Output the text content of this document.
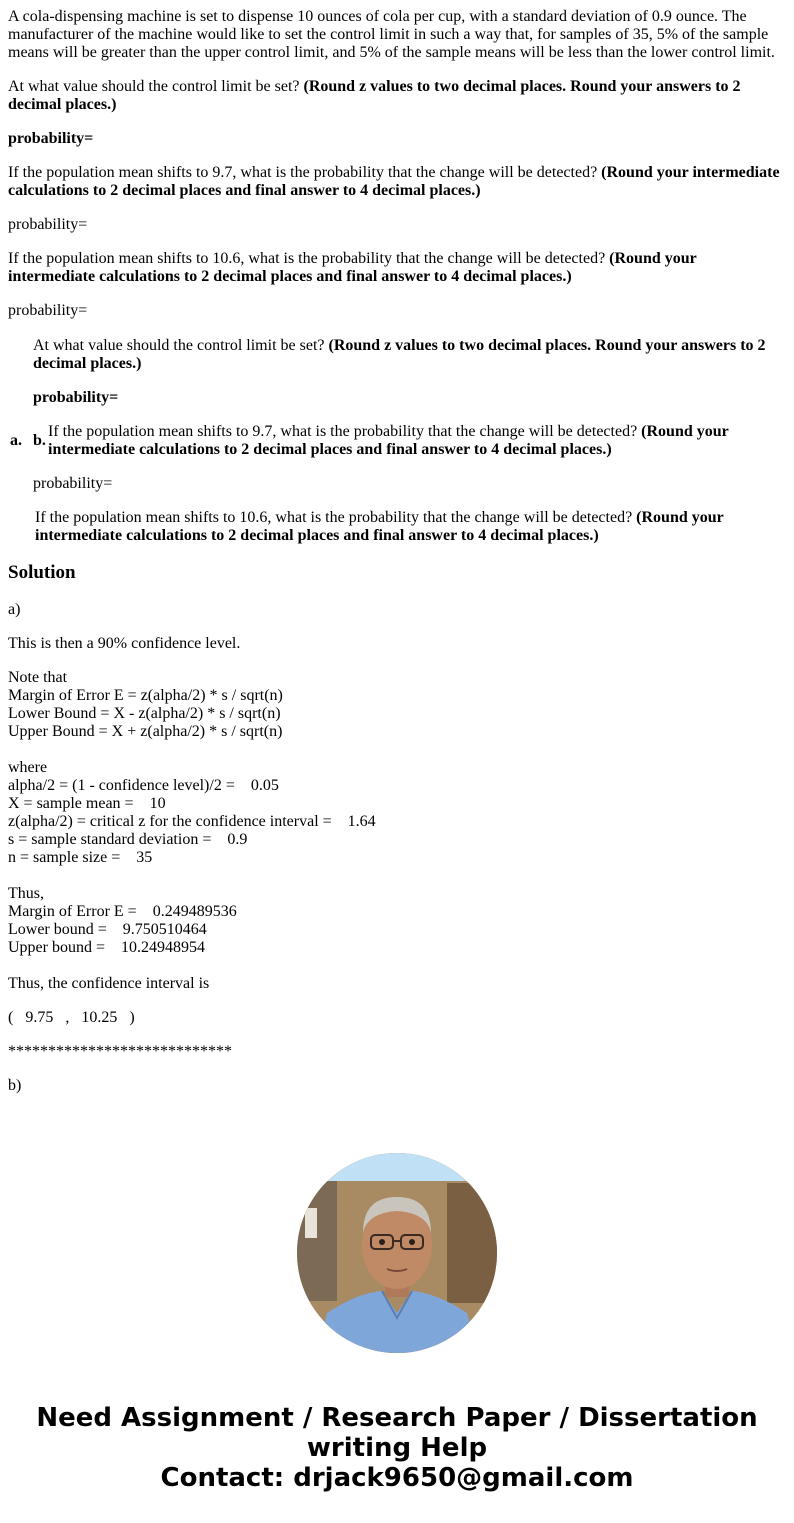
A cola-dispensing machine is set to dispense 10 ounces of cola per cup, with a standard deviation of 0.9 ounce. The manufacturer of the machine would like to set the control limit in such a way that, for samples of 35, 5% of the sample means will be greater than the upper control limit, and 5% of the sample means will be less than the lower control limit.

At what value should the control limit be set? (Round z values to two decimal places. Round your answers to 2 decimal places.)

probability=

If the population mean shifts to 9.7, what is the probability that the change will be detected? (Round your intermediate calculations to 2 decimal places and final answer to 4 decimal places.)

probability=

If the population mean shifts to 10.6, what is the probability that the change will be detected? (Round your intermediate calculations to 2 decimal places and final answer to 4 decimal places.)

probability=

a.	

At what value should the control limit be set? (Round z values to two decimal places. Round your answers to 2 decimal places.)

probability=

b.	If the population mean shifts to 9.7, what is the probability that the change will be detected? (Round your intermediate calculations to 2 decimal places and final answer to 4 decimal places.)

probability=

If the population mean shifts to 10.6, what is the probability that the change will be detected? (Round your intermediate calculations to 2 decimal places and final answer to 4 decimal places.)

Solution

a)

This is then a 90% confidence level.

Note that
Margin of Error E = z(alpha/2) * s / sqrt(n)
Lower Bound = X - z(alpha/2) * s / sqrt(n)
Upper Bound = X + z(alpha/2) * s / sqrt(n)
where
alpha/2 = (1 - confidence level)/2 =    0.05
X = sample mean =    10
z(alpha/2) = critical z for the confidence interval =    1.64
s = sample standard deviation =    0.9
n = sample size =    35
Thus,
Margin of Error E =    0.249489536
Lower bound =    9.750510464
Upper bound =    10.24948954

Thus, the confidence interval is

(   9.75   ,   10.25   )

****************************

b)

Need Assignment / Research Paper / Dissertation
writing Help
Contact: drjack9650@gmail.com
